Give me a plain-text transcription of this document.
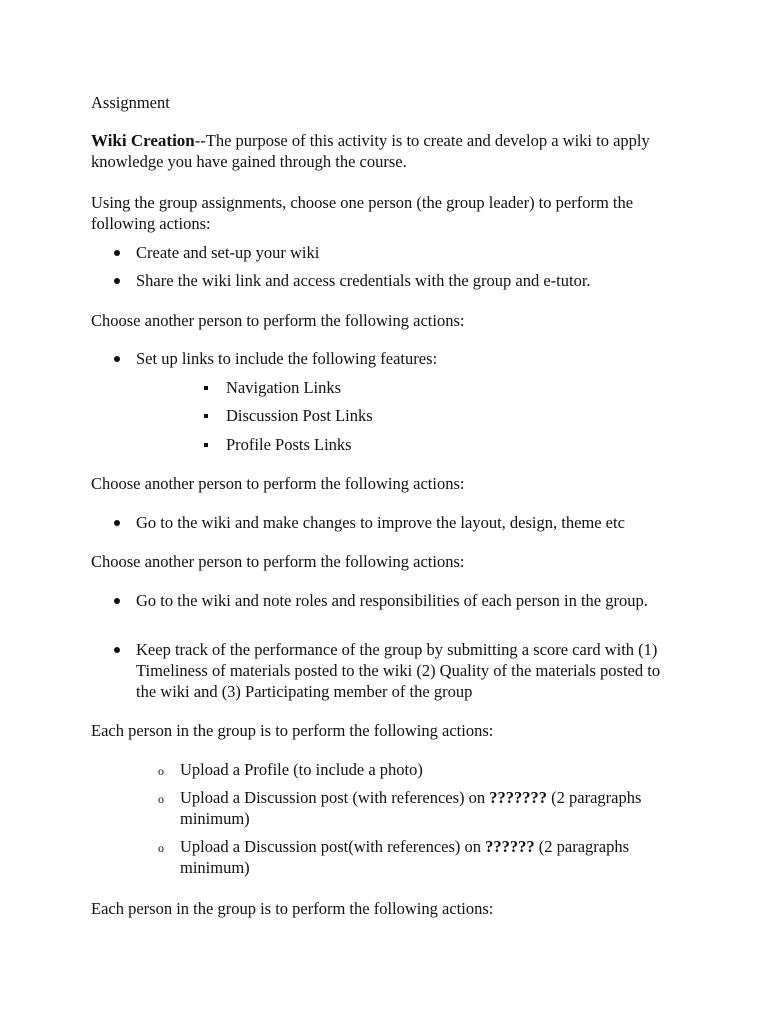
Assignment
Wiki Creation--The purpose of this activity is to create and develop a wiki to apply knowledge you have gained through the course.
Using the group assignments, choose one person (the group leader) to perform the following actions:
Create and set-up your wiki
Share the wiki link and access credentials with the group and e-tutor.
Choose another person to perform the following actions:
Set up links to include the following features:
Navigation Links
Discussion Post Links
Profile Posts Links
Choose another person to perform the following actions:
Go to the wiki and make changes to improve the layout, design, theme etc
Choose another person to perform the following actions:
Go to the wiki and note roles and responsibilities of each person in the group.
Keep track of the performance of the group by submitting a score card with (1) Timeliness of materials posted to the wiki (2) Quality of the materials posted to the wiki and (3) Participating member of the group
Each person in the group is to perform the following actions:
o Upload a Profile (to include a photo)
o Upload a Discussion post (with references) on ??????? (2 paragraphs minimum)
o Upload a Discussion post(with references) on ?????? (2 paragraphs minimum)
Each person in the group is to perform the following actions:
